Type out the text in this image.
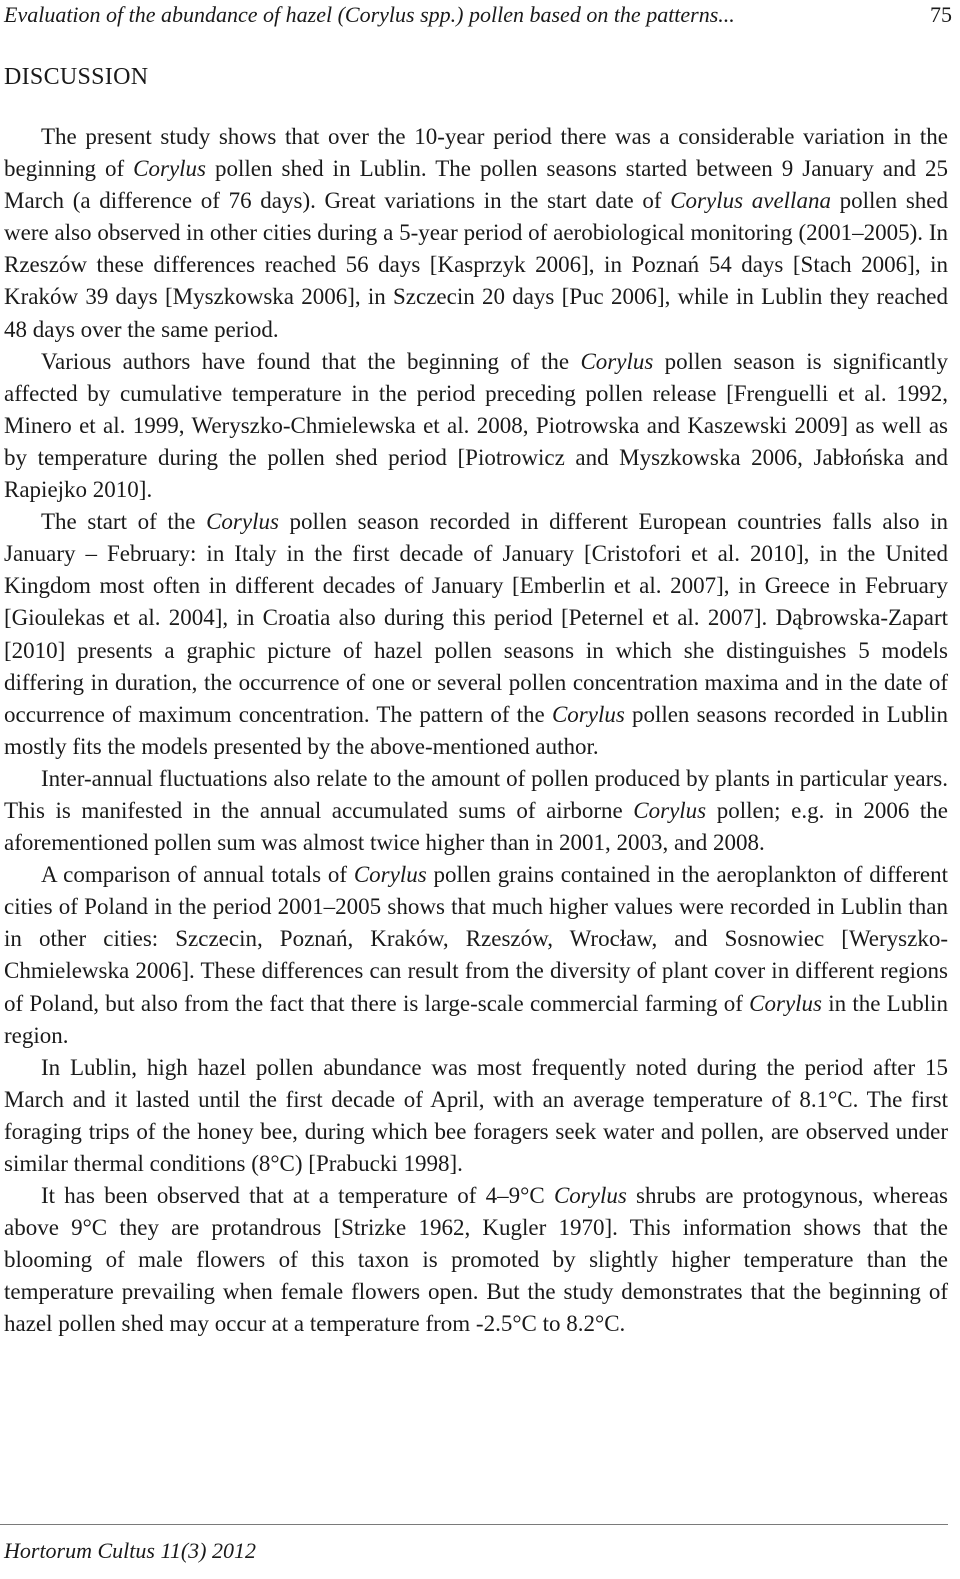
Evaluation of the abundance of hazel (Corylus spp.) pollen based on the patterns...	75
DISCUSSION

The present study shows that over the 10-year period there was a considerable variation in the beginning of Corylus pollen shed in Lublin. The pollen seasons started between 9 January and 25 March (a difference of 76 days). Great variations in the start date of Corylus avellana pollen shed were also observed in other cities during a 5-year period of aerobiological monitoring (2001–2005). In Rzeszów these differences reached 56 days [Kasprzyk 2006], in Poznań 54 days [Stach 2006], in Kraków 39 days [Myszkowska 2006], in Szczecin 20 days [Puc 2006], while in Lublin they reached 48 days over the same period.

Various authors have found that the beginning of the Corylus pollen season is significantly affected by cumulative temperature in the period preceding pollen release [Frenguelli et al. 1992, Minero et al. 1999, Weryszko-Chmielewska et al. 2008, Piotrowska and Kaszewski 2009] as well as by temperature during the pollen shed period [Piotrowicz and Myszkowska 2006, Jabłońska and Rapiejko 2010].

The start of the Corylus pollen season recorded in different European countries falls also in January – February: in Italy in the first decade of January [Cristofori et al. 2010], in the United Kingdom most often in different decades of January [Emberlin et al. 2007], in Greece in February [Gioulekas et al. 2004], in Croatia also during this period [Peternel et al. 2007]. Dąbrowska-Zapart [2010] presents a graphic picture of hazel pollen seasons in which she distinguishes 5 models differing in duration, the occurrence of one or several pollen concentration maxima and in the date of occurrence of maximum concentration. The pattern of the Corylus pollen seasons recorded in Lublin mostly fits the models presented by the above-mentioned author.

Inter-annual fluctuations also relate to the amount of pollen produced by plants in particular years. This is manifested in the annual accumulated sums of airborne Corylus pollen; e.g. in 2006 the aforementioned pollen sum was almost twice higher than in 2001, 2003, and 2008.

A comparison of annual totals of Corylus pollen grains contained in the aeroplankton of different cities of Poland in the period 2001–2005 shows that much higher values were recorded in Lublin than in other cities: Szczecin, Poznań, Kraków, Rzeszów, Wrocław, and Sosnowiec [Weryszko-Chmielewska 2006]. These differences can result from the diversity of plant cover in different regions of Poland, but also from the fact that there is large-scale commercial farming of Corylus in the Lublin region.

In Lublin, high hazel pollen abundance was most frequently noted during the period after 15 March and it lasted until the first decade of April, with an average temperature of 8.1°C. The first foraging trips of the honey bee, during which bee foragers seek water and pollen, are observed under similar thermal conditions (8°C) [Prabucki 1998].

It has been observed that at a temperature of 4–9°C Corylus shrubs are protogynous, whereas above 9°C they are protandrous [Strizke 1962, Kugler 1970]. This information shows that the blooming of male flowers of this taxon is promoted by slightly higher temperature than the temperature prevailing when female flowers open. But the study demonstrates that the beginning of hazel pollen shed may occur at a temperature from -2.5°C to 8.2°C.

Hortorum Cultus 11(3) 2012
